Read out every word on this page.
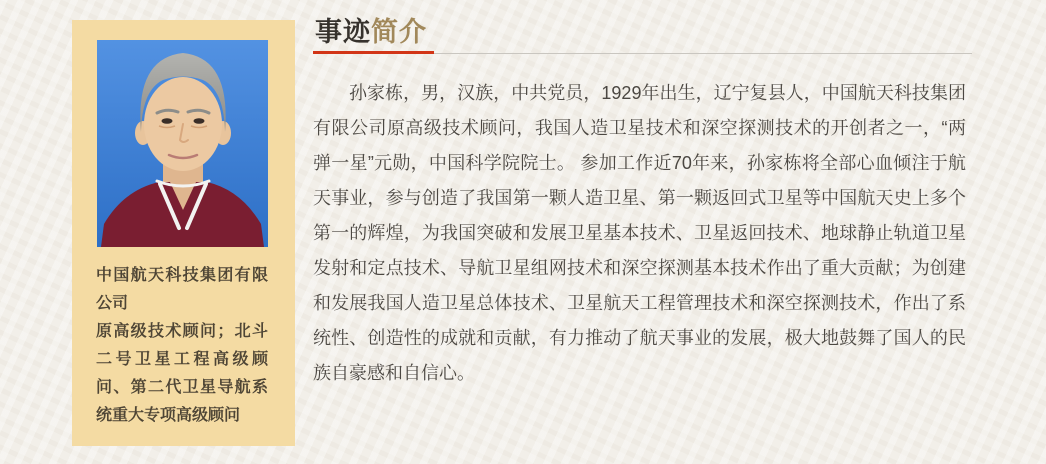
中国航天科技集团有限公司

原高级技术顾问；北斗二号卫星工程高级顾问、第二代卫星导航系统重大专项高级顾问

事迹简介

孙家栋，男，汉族，中共党员，1929年出生，辽宁复县人，中国航天科技集团有限公司原高级技术顾问，我国人造卫星技术和深空探测技术的开创者之一，“两弹一星”元勋，中国科学院院士。 参加工作近70年来，孙家栋将全部心血倾注于航天事业，参与创造了我国第一颗人造卫星、第一颗返回式卫星等中国航天史上多个第一的辉煌，为我国突破和发展卫星基本技术、卫星返回技术、地球静止轨道卫星发射和定点技术、导航卫星组网技术和深空探测基本技术作出了重大贡献；为创建和发展我国人造卫星总体技术、卫星航天工程管理技术和深空探测技术，作出了系统性、创造性的成就和贡献，有力推动了航天事业的发展，极大地鼓舞了国人的民族自豪感和自信心。
